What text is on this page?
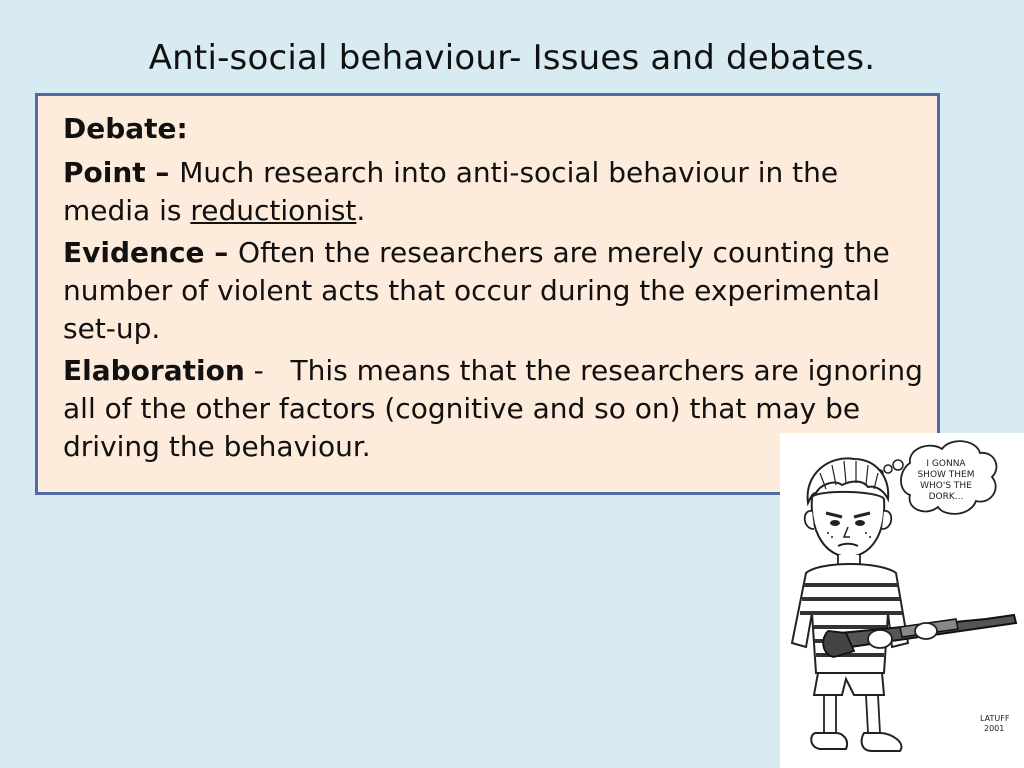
Anti-social behaviour- Issues and debates.

Debate:

Point – Much research into anti-social behaviour in the media is reductionist.

Evidence – Often the researchers are merely counting the number of violent acts that occur during the experimental set-up.

Elaboration -   This means that the researchers are ignoring all of the other factors (cognitive and so on) that may be driving the behaviour.

I GONNA
SHOW THEM
WHO'S THE
DORK...
LATUFF
2001
